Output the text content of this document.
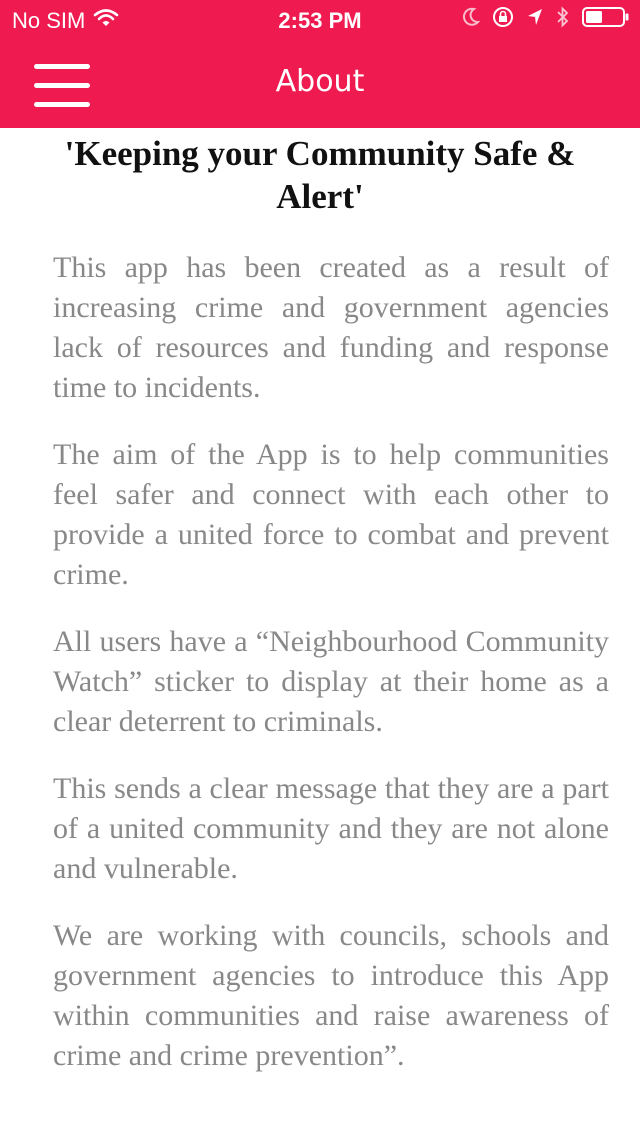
No SIM	2:53 PM
About
'Keeping your Community Safe & Alert'

This app has been created as a result of increasing crime and government agencies lack of resources and funding and response time to incidents.

The aim of the App is to help communities feel safer and connect with each other to provide a united force to combat and prevent crime.

All users have a “Neighbourhood Community Watch” sticker to display at their home as a clear deterrent to criminals.

This sends a clear message that they are a part of a united community and they are not alone and vulnerable.

We are working with councils, schools and government agencies to introduce this App within communities and raise awareness of crime and crime prevention”.
